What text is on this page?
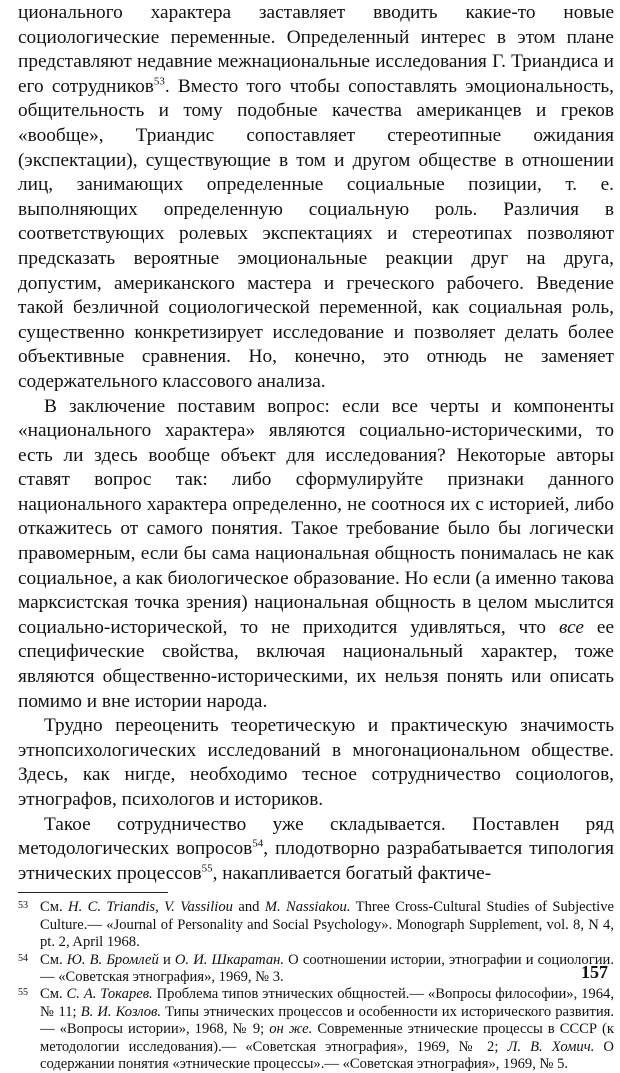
ционального характера заставляет вводить какие-то новые социологические переменные. Определенный интерес в этом плане представляют недавние межнациональные исследования Г. Триандиса и его сотрудников$^{53}$. Вместо того чтобы сопоставлять эмоциональность, общительность и тому подобные качества американцев и греков «вообще», Триандис сопоставляет стереотипные ожидания (экспектации), существующие в том и другом обществе в отношении лиц, занимающих определенные социальные позиции, т. е. выполняющих определенную социальную роль. Различия в соответствующих ролевых экспектациях и стереотипах позволяют предсказать вероятные эмоциональные реакции друг на друга, допустим, американского мастера и греческого рабочего. Введение такой безличной социологической переменной, как социальная роль, существенно конкретизирует исследование и позволяет делать более объективные сравнения. Но, конечно, это отнюдь не заменяет содержательного классового анализа.

В заключение поставим вопрос: если все черты и компоненты «национального характера» являются социально-историческими, то есть ли здесь вообще объект для исследования? Некоторые авторы ставят вопрос так: либо сформулируйте признаки данного национального характера определенно, не соотнося их с историей, либо откажитесь от самого понятия. Такое требование было бы логически правомерным, если бы сама национальная общность понималась не как социальное, а как биологическое образование. Но если (а именно такова марксистская точка зрения) национальная общность в целом мыслится социально-исторической, то не приходится удивляться, что все ее специфические свойства, включая национальный характер, тоже являются общественно-историческими, их нельзя понять или описать помимо и вне истории народа.

Трудно переоценить теоретическую и практическую значимость этнопсихологических исследований в многонациональном обществе. Здесь, как нигде, необходимо тесное сотрудничество социологов, этнографов, психологов и историков.

Такое сотрудничество уже складывается. Поставлен ряд методологических вопросов$^{54}$, плодотворно разрабатывается типология этнических процессов$^{55}$, накапливается богатый фактиче-

53 См. H. C. Triandis, V. Vassiliou and M. Nassiakou. Three Cross-Cultural Studies of Subjective Culture.— «Journal of Personality and Social Psychology». Monograph Supplement, vol. 8, N 4, pt. 2, April 1968.
54 См. Ю. В. Бромлей и О. И. Шкаратан. О соотношении истории, этнографии и социологии.— «Советская этнография», 1969, № 3.
55 См. С. А. Токарев. Проблема типов этнических общностей.— «Вопросы философии», 1964, № 11; В. И. Козлов. Типы этнических процессов и особенности их исторического развития.— «Вопросы истории», 1968, № 9; он же. Современные этнические процессы в СССР (к методологии исследования).— «Советская этнография», 1969, № 2; Л. В. Хомич. О содержании понятия «этнические процессы».— «Советская этнография», 1969, № 5.
157
